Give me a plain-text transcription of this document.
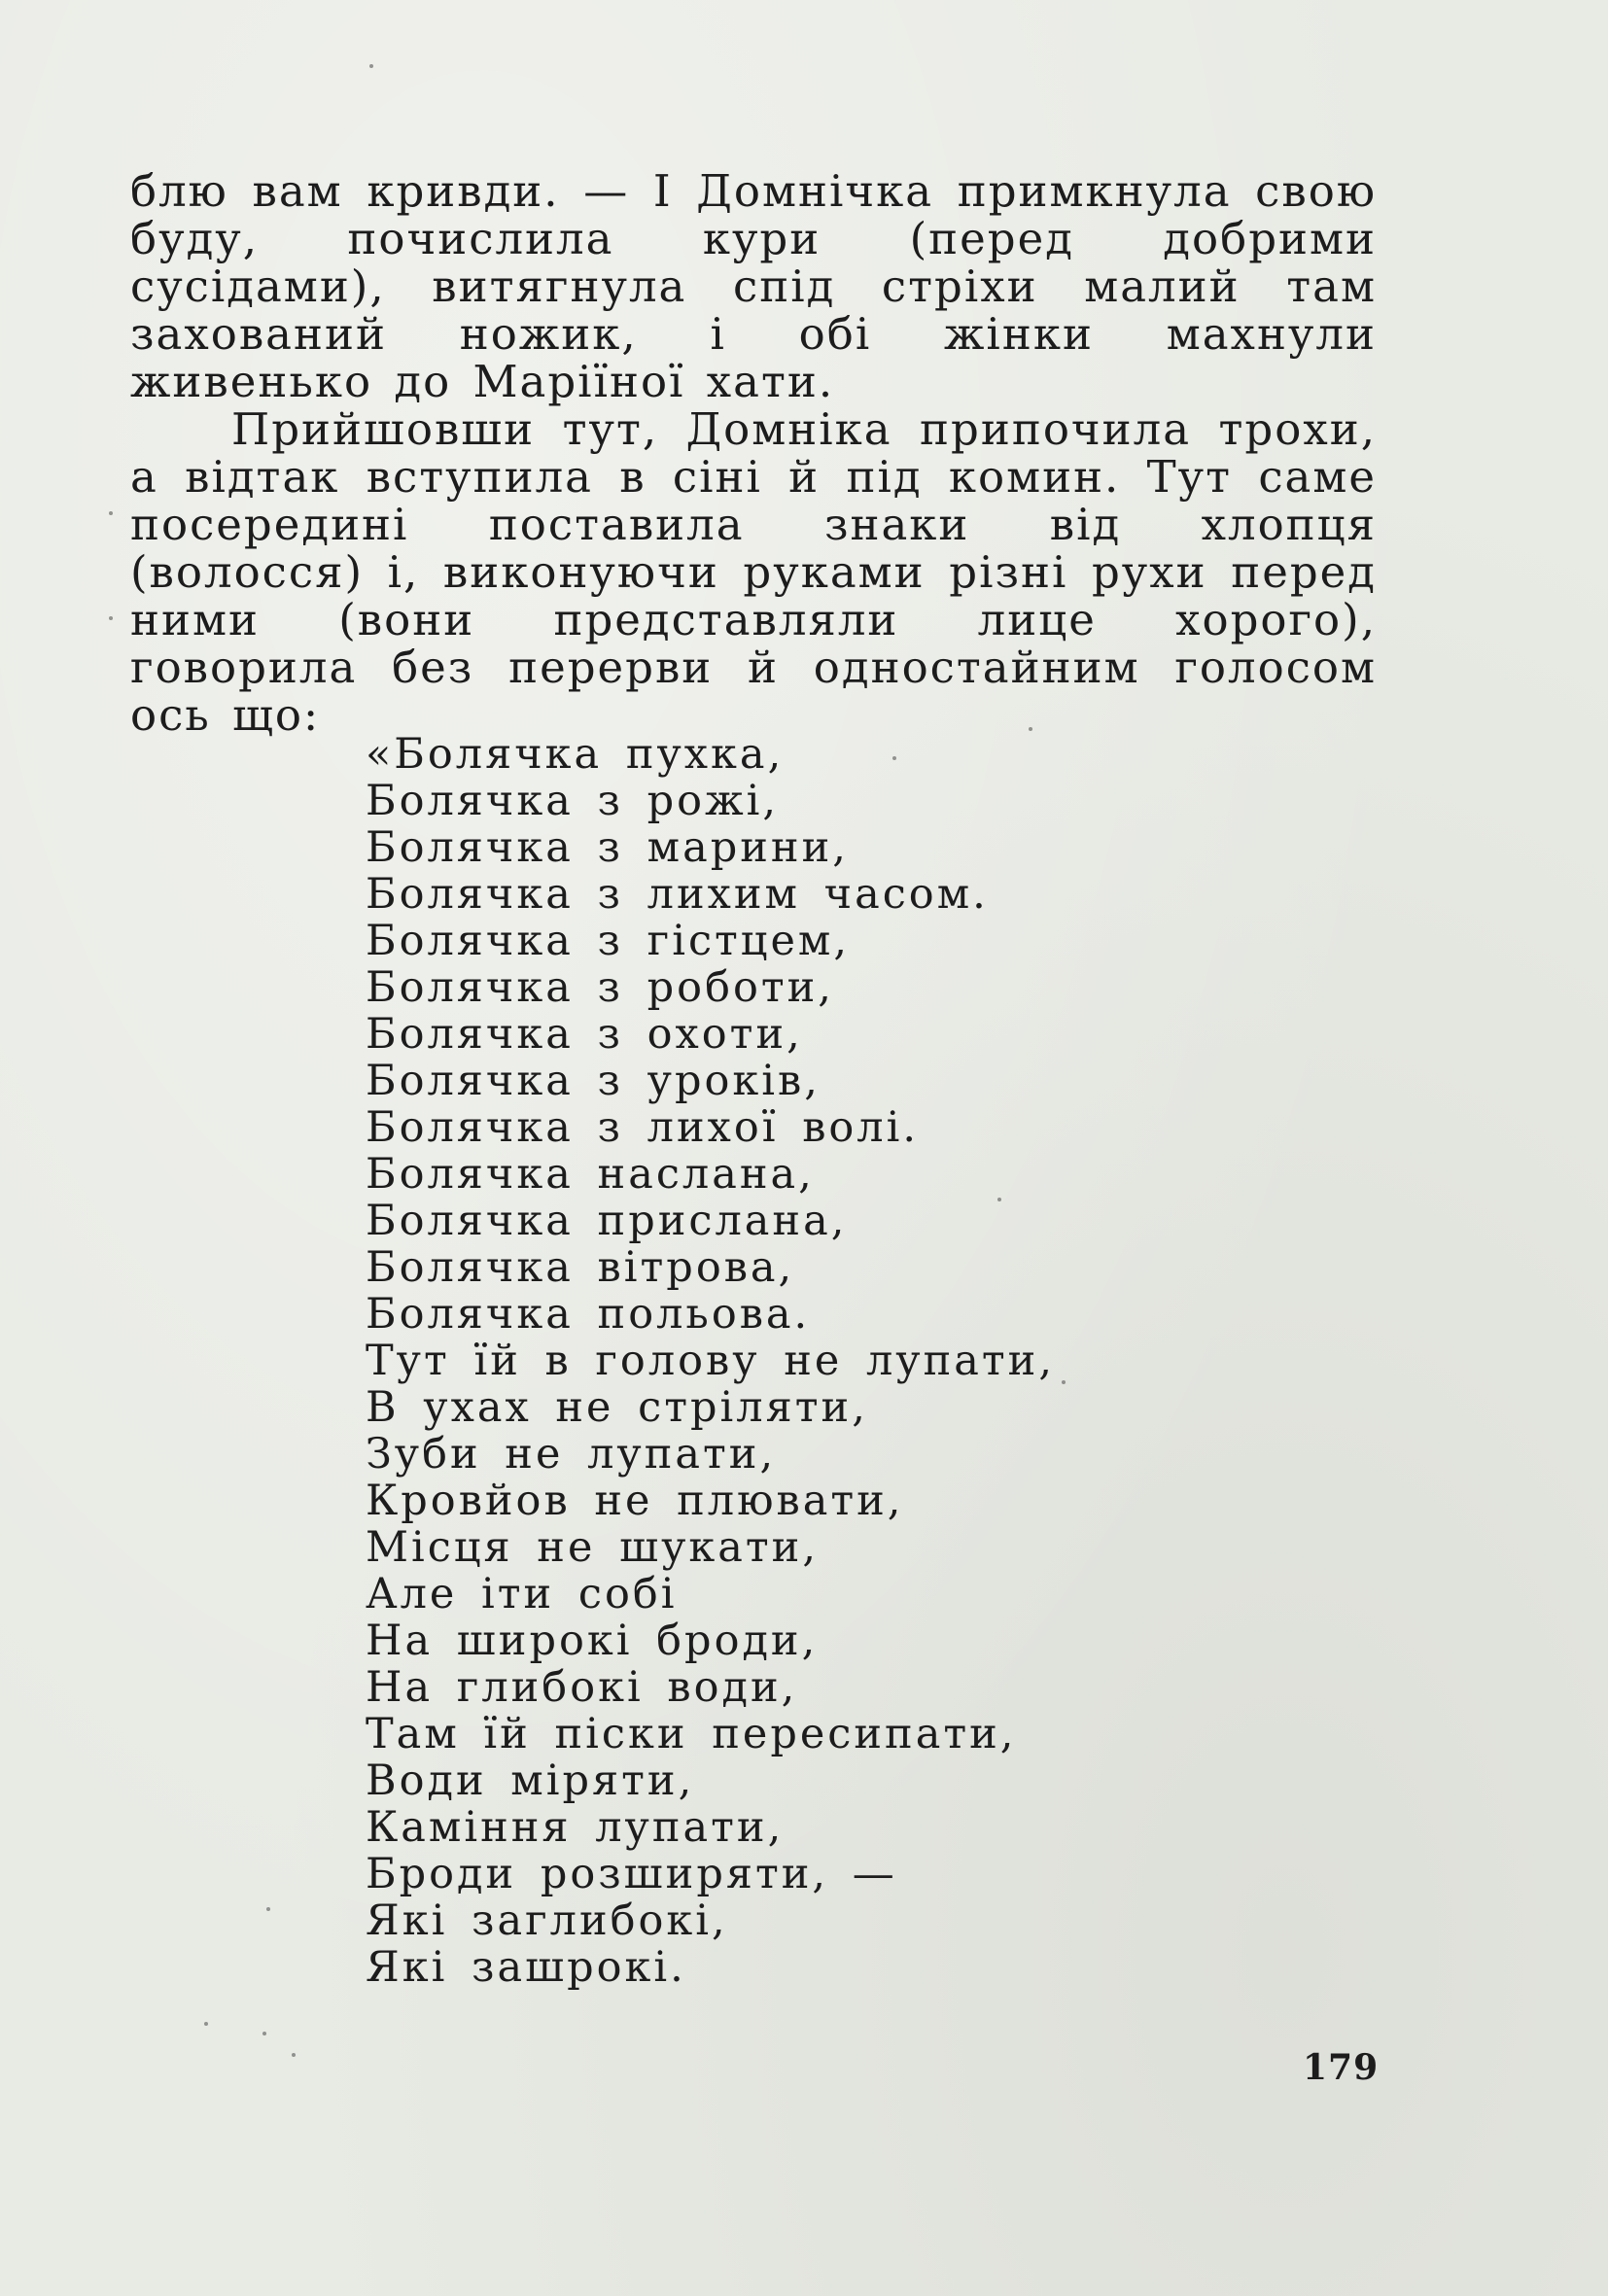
блю вам кривди. — І Домнічка примкнула свою буду, почислила кури (перед добрими сусідами), витягнула спід стріхи малий там захований ножик, і обі жінки махнули живенько до Маріїної хати.

Прийшовши тут, Домніка припочила трохи, а відтак вступила в сіні й під комин. Тут саме посередині поставила знаки від хлопця (волосся) і, виконуючи руками різні рухи перед ними (вони представляли лице хорого), говорила без перерви й одностайним голосом ось що:

«Болячка пухка,
Болячка з рожі,
Болячка з марини,
Болячка з лихим часом.
Болячка з гістцем,
Болячка з роботи,
Болячка з охоти,
Болячка з уроків,
Болячка з лихої волі.
Болячка наслана,
Болячка прислана,
Болячка вітрова,
Болячка польова.
Тут їй в голову не лупати,
В ухах не стріляти,
Зуби не лупати,
Кровйов не плювати,
Місця не шукати,
Але іти собі
На широкі броди,
На глибокі води,
Там їй піски пересипати,
Води міряти,
Каміння лупати,
Броди розширяти, —
Які заглибокі,
Які зашрокі.
179
